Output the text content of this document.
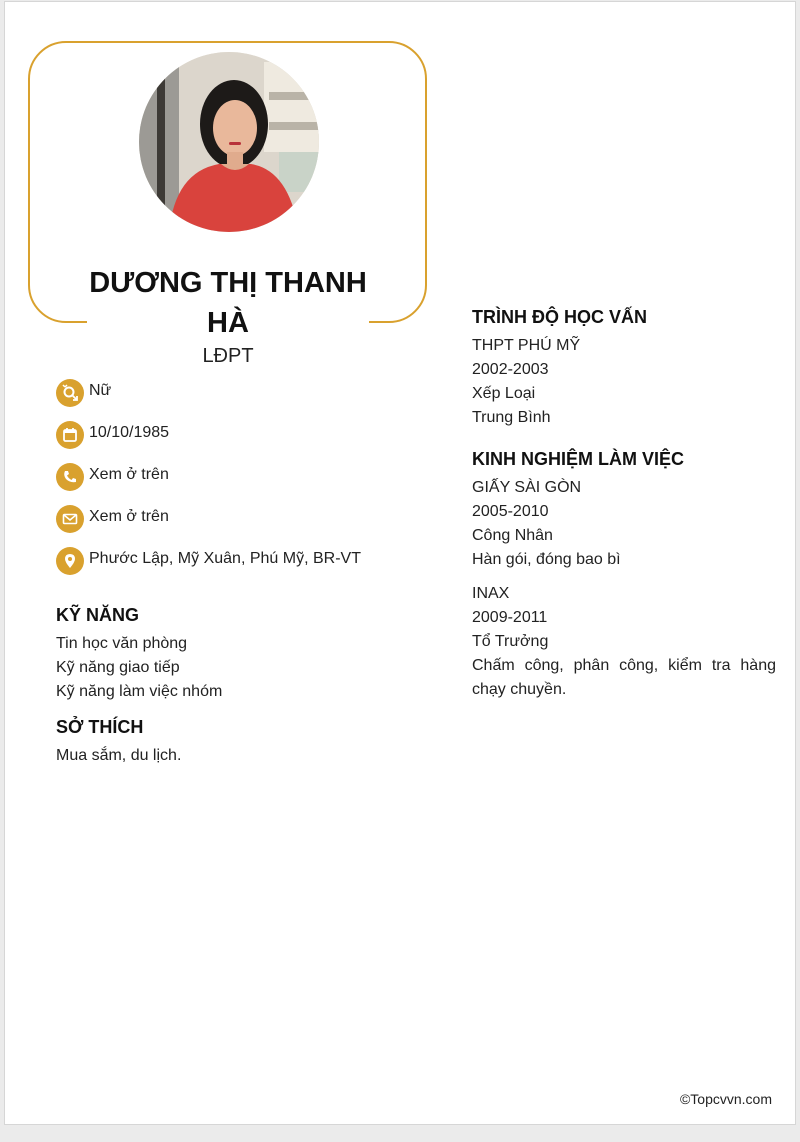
DƯƠNG THỊ THANH HÀ
LĐPT
Nữ
10/10/1985
Xem ở trên
Xem ở trên
Phước Lập, Mỹ Xuân, Phú Mỹ, BR-VT
KỸ NĂNG
Tin học văn phòng
Kỹ năng giao tiếp
Kỹ năng làm việc nhóm
SỞ THÍCH
Mua sắm, du lịch.
TRÌNH ĐỘ HỌC VẤN
THPT PHÚ MỸ
2002-2003
Xếp Loại
Trung Bình
KINH NGHIỆM LÀM VIỆC
GIẤY SÀI GÒN
2005-2010
Công Nhân
Hàn gói, đóng bao bì
INAX
2009-2011
Tổ Trưởng
Chấm công, phân công, kiểm tra hàng chạy chuyền.
©Topcvvn.com
